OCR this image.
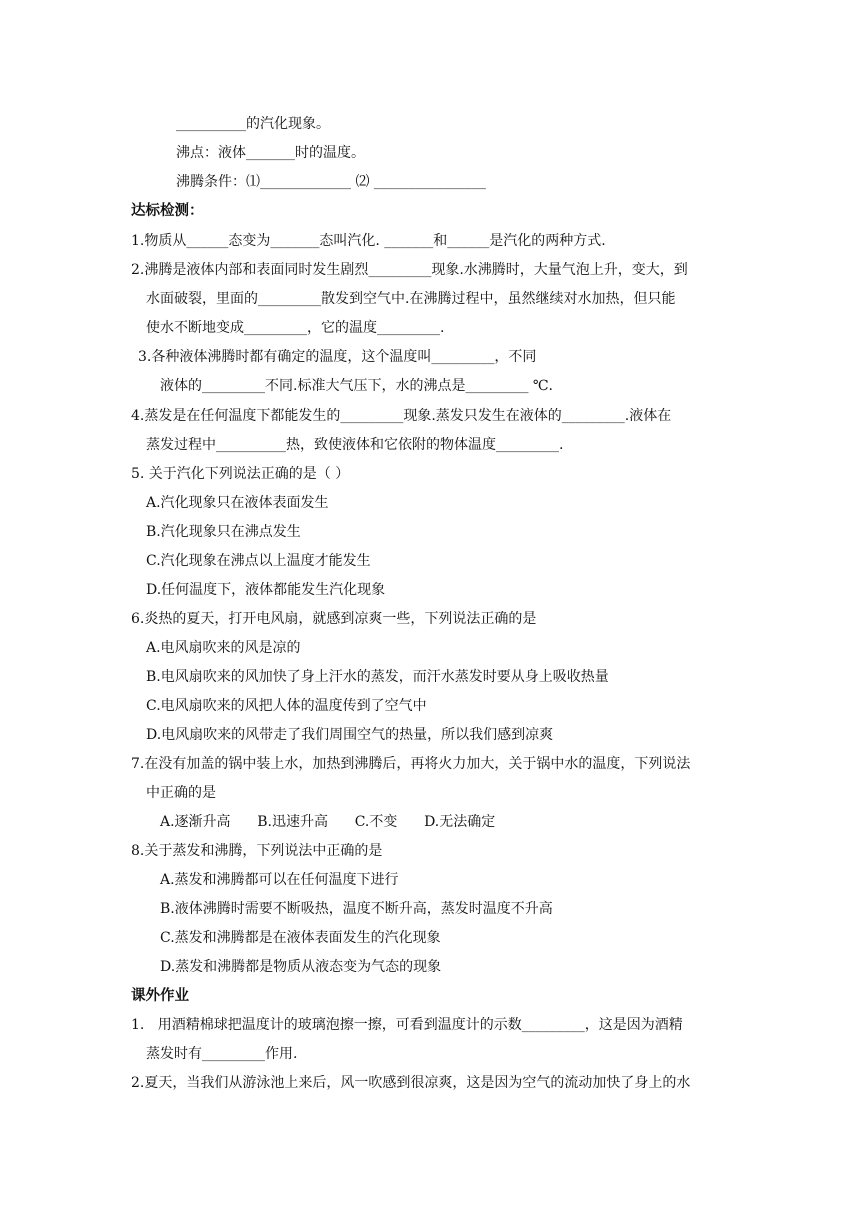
__________的汽化现象。
沸点：液体_______时的温度。
沸腾条件：⑴_____________ ⑵ ________________
达标检测：
1.物质从______态变为_______态叫汽化. _______和______是汽化的两种方式.
2.沸腾是液体内部和表面同时发生剧烈_________现象.水沸腾时，大量气泡上升，变大，到
水面破裂，里面的_________散发到空气中.在沸腾过程中，虽然继续对水加热，但只能
使水不断地变成_________，它的温度_________.
3.各种液体沸腾时都有确定的温度，这个温度叫_________，不同
液体的_________不同.标准大气压下，水的沸点是_________ ℃.
4.蒸发是在任何温度下都能发生的_________现象.蒸发只发生在液体的_________.液体在
蒸发过程中__________热，致使液体和它依附的物体温度_________.
5. 关于汽化下列说法正确的是（ ）
A.汽化现象只在液体表面发生
B.汽化现象只在沸点发生
C.汽化现象在沸点以上温度才能发生
D.任何温度下，液体都能发生汽化现象
6.炎热的夏天，打开电风扇，就感到凉爽一些，下列说法正确的是
A.电风扇吹来的风是凉的
B.电风扇吹来的风加快了身上汗水的蒸发，而汗水蒸发时要从身上吸收热量
C.电风扇吹来的风把人体的温度传到了空气中
D.电风扇吹来的风带走了我们周围空气的热量，所以我们感到凉爽
7.在没有加盖的锅中装上水，加热到沸腾后，再将火力加大，关于锅中水的温度，下列说法
中正确的是
A.逐渐升高      B.迅速升高      C.不变      D.无法确定
8.关于蒸发和沸腾，下列说法中正确的是
A.蒸发和沸腾都可以在任何温度下进行
B.液体沸腾时需要不断吸热，温度不断升高，蒸发时温度不升高
C.蒸发和沸腾都是在液体表面发生的汽化现象
D.蒸发和沸腾都是物质从液态变为气态的现象
课外作业
1.   用酒精棉球把温度计的玻璃泡擦一擦，可看到温度计的示数_________，这是因为酒精
蒸发时有_________作用.
2.夏天，当我们从游泳池上来后，风一吹感到很凉爽，这是因为空气的流动加快了身上的水
